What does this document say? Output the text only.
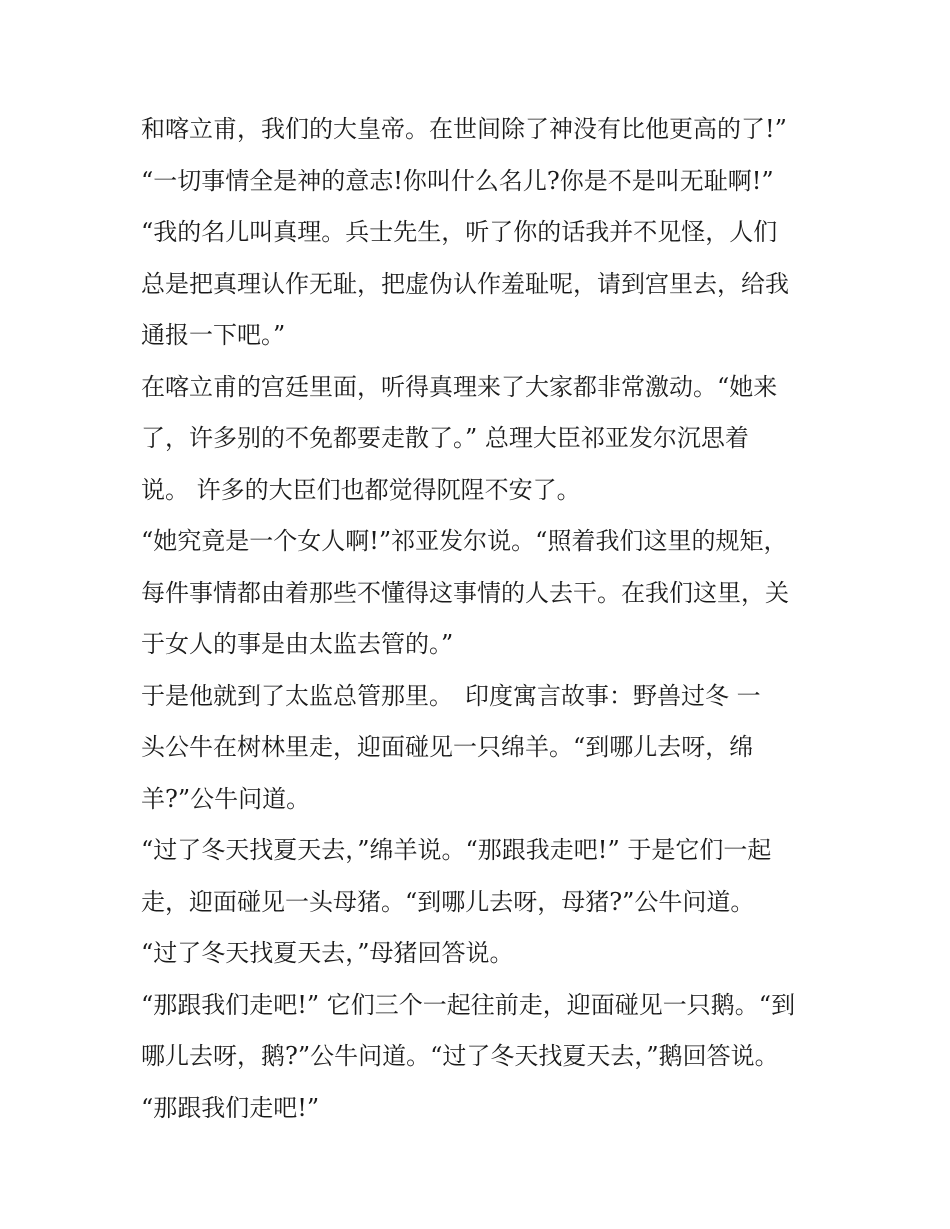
和喀立甫，我们的大皇帝。在世间除了神没有比他更高的了!”
“一切事情全是神的意志!你叫什么名儿?你是不是叫无耻啊!”
“我的名儿叫真理。兵士先生，听了你的话我并不见怪，人们
总是把真理认作无耻，把虚伪认作羞耻呢，请到宫里去，给我
通报一下吧。”
在喀立甫的宫廷里面，听得真理来了大家都非常激动。“她来
了，许多别的不免都要走散了。” 总理大臣祁亚发尔沉思着
说。 许多的大臣们也都觉得阢陧不安了。
“她究竟是一个女人啊!”祁亚发尔说。“照着我们这里的规矩，
每件事情都由着那些不懂得这事情的人去干。在我们这里，关
于女人的事是由太监去管的。”
于是他就到了太监总管那里。　印度寓言故事：野兽过冬 一
头公牛在树林里走，迎面碰见一只绵羊。“到哪儿去呀，绵
羊?”公牛问道。
“过了冬天找夏天去，”绵羊说。“那跟我走吧!” 于是它们一起
走，迎面碰见一头母猪。“到哪儿去呀，母猪?”公牛问道。
“过了冬天找夏天去，”母猪回答说。
“那跟我们走吧!” 它们三个一起往前走，迎面碰见一只鹅。“到
哪儿去呀，鹅?”公牛问道。“过了冬天找夏天去，”鹅回答说。
“那跟我们走吧!”
